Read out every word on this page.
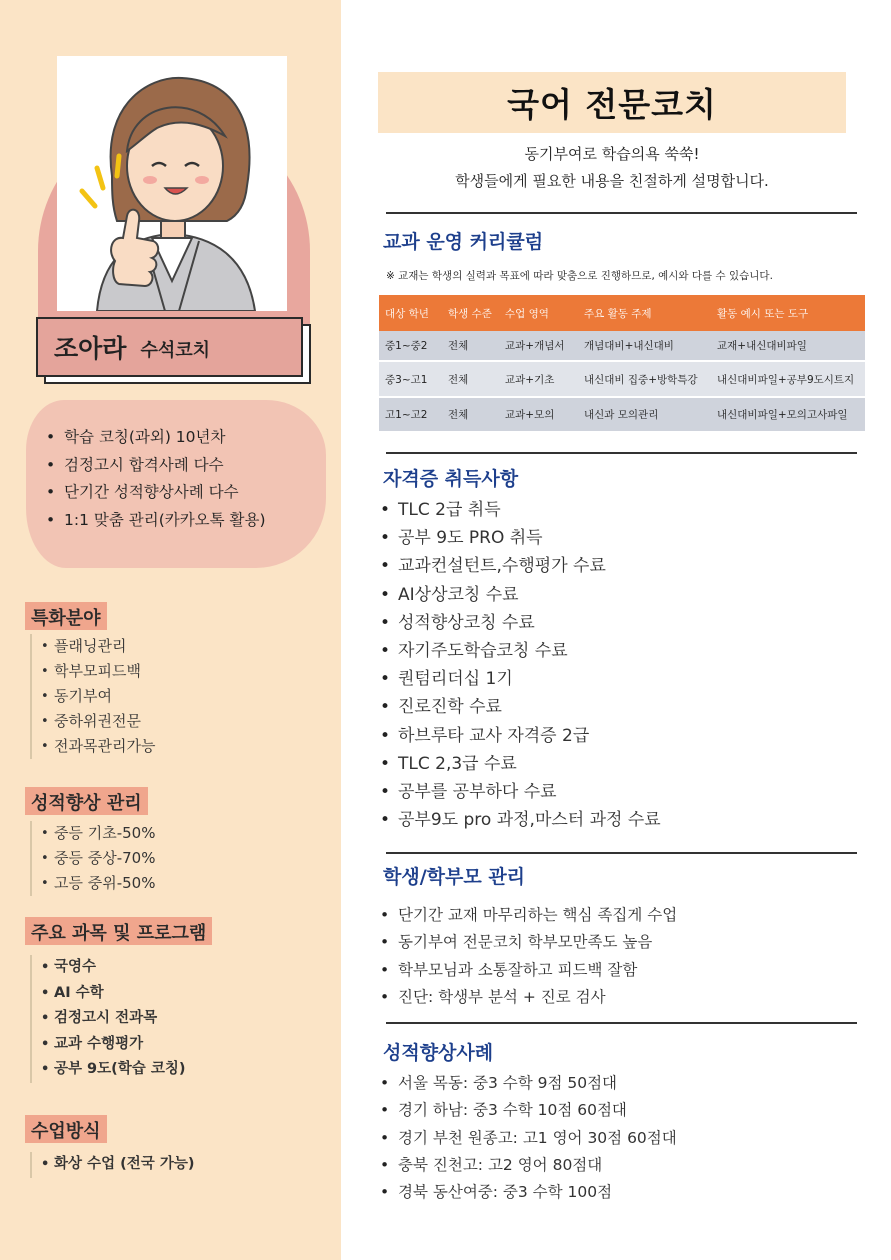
조아라 수석코치
• 학습 코칭(과외) 10년차
• 검정고시 합격사례 다수
• 단기간 성적향상사례 다수
• 1:1 맞춤 관리(카카오톡 활용)
특화분야
• 플래닝관리
• 학부모피드백
• 동기부여
• 중하위권전문
• 전과목관리가능
성적향상 관리
• 중등 기초-50%
• 중등 중상-70%
• 고등 중위-50%
주요 과목 및 프로그램
• 국영수
• AI 수학
• 검정고시 전과목
• 교과 수행평가
• 공부 9도(학습 코칭)
수업방식
• 화상 수업 (전국 가능)
국어 전문코치
동기부여로 학습의욕 쑥쑥!
학생들에게 필요한 내용을 친절하게 설명합니다.
교과 운영 커리큘럼
※ 교재는 학생의 실력과 목표에 따라 맞춤으로 진행하므로, 예시와 다를 수 있습니다.
대상 학년	학생 수준	수업 영역	주요 활동 주제	활동 예시 또는 도구
중1~중2	전체	교과+개념서	개념대비+내신대비	교재+내신대비파일
중3~고1	전체	교과+기초	내신대비 집중+방학특강	내신대비파일+공부9도시트지
고1~고2	전체	교과+모의	내신과 모의관리	내신대비파일+모의고사파일
자격증 취득사항
• TLC 2급 취득
• 공부 9도 PRO 취득
• 교과컨설턴트,수행평가 수료
• AI상상코칭 수료
• 성적향상코칭 수료
• 자기주도학습코칭 수료
• 퀀텀리더십 1기
• 진로진학 수료
• 하브루타 교사 자격증 2급
• TLC 2,3급 수료
• 공부를 공부하다 수료
• 공부9도 pro 과정,마스터 과정 수료
학생/학부모 관리
• 단기간 교재 마무리하는 핵심 족집게 수업
• 동기부여 전문코치 학부모만족도 높음
• 학부모님과 소통잘하고 피드백 잘함
• 진단: 학생부 분석 + 진로 검사
성적향상사례
• 서울 목동: 중3 수학 9점 50점대
• 경기 하남: 중3 수학 10점 60점대
• 경기 부천 원종고: 고1 영어 30점 60점대
• 충북 진천고: 고2 영어 80점대
• 경북 동산여중: 중3 수학 100점
